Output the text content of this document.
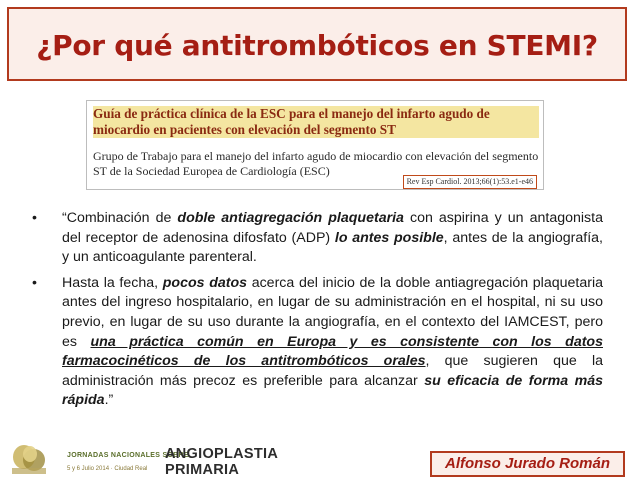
¿Por qué antitrombóticos en STEMI?
Guía de práctica clínica de la ESC para el manejo del infarto agudo de miocardio en pacientes con elevación del segmento ST
Grupo de Trabajo para el manejo del infarto agudo de miocardio con elevación del segmento ST de la Sociedad Europea de Cardiología (ESC)
Rev Esp Cardiol. 2013;66(1):53.e1-e46
• “Combinación de doble antiagregación plaquetaria con aspirina y un antagonista del receptor de adenosina difosfato (ADP) lo antes posible, antes de la angiografía, y un anticoagulante parenteral.
• Hasta la fecha, pocos datos acerca del inicio de la doble antiagregación plaquetaria antes del ingreso hospitalario, en lugar de su administración en el hospital, ni su uso previo, en lugar de su uso durante la angiografía, en el contexto del IAMCEST, pero es una práctica común en Europa y es consistente con los datos farmacocinéticos de los antitrombóticos orales, que sugieren que la administración más precoz es preferible para alcanzar su eficacia de forma más rápida.”
JORNADAS NACIONALES SOBRE
ANGIOPLASTIA PRIMARIA
5 y 6 Julio 2014 · Ciudad Real	Alfonso Jurado Román
